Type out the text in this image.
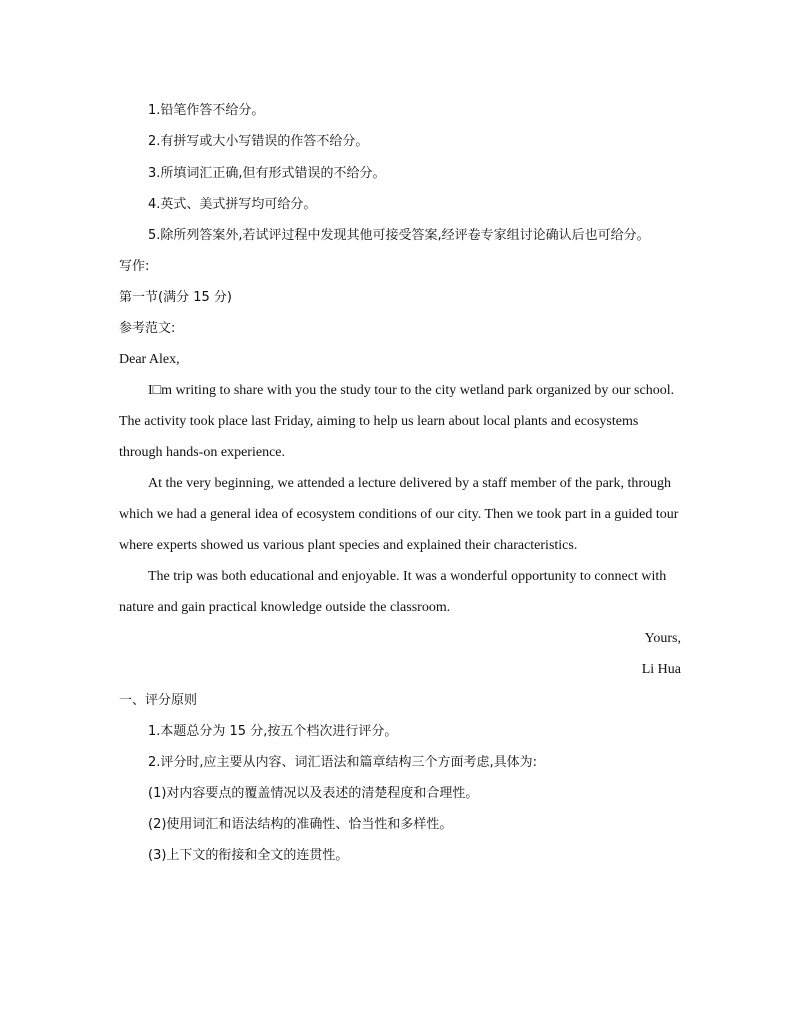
1.铅笔作答不给分。
2.有拼写或大小写错误的作答不给分。
3.所填词汇正确,但有形式错误的不给分。
4.英式、美式拼写均可给分。
5.除所列答案外,若试评过程中发现其他可接受答案,经评卷专家组讨论确认后也可给分。
写作:
第一节(满分 15 分)
参考范文:
Dear Alex,
I□m writing to share with you the study tour to the city wetland park organized by our school.
The activity took place last Friday, aiming to help us learn about local plants and ecosystems
through hands-on experience.
At the very beginning, we attended a lecture delivered by a staff member of the park, through
which we had a general idea of ecosystem conditions of our city. Then we took part in a guided tour
where experts showed us various plant species and explained their characteristics.
The trip was both educational and enjoyable. It was a wonderful opportunity to connect with
nature and gain practical knowledge outside the classroom.
Yours,
Li Hua
一、评分原则
1.本题总分为 15 分,按五个档次进行评分。
2.评分时,应主要从内容、词汇语法和篇章结构三个方面考虑,具体为:
(1)对内容要点的覆盖情况以及表述的清楚程度和合理性。
(2)使用词汇和语法结构的准确性、恰当性和多样性。
(3)上下文的衔接和全文的连贯性。
